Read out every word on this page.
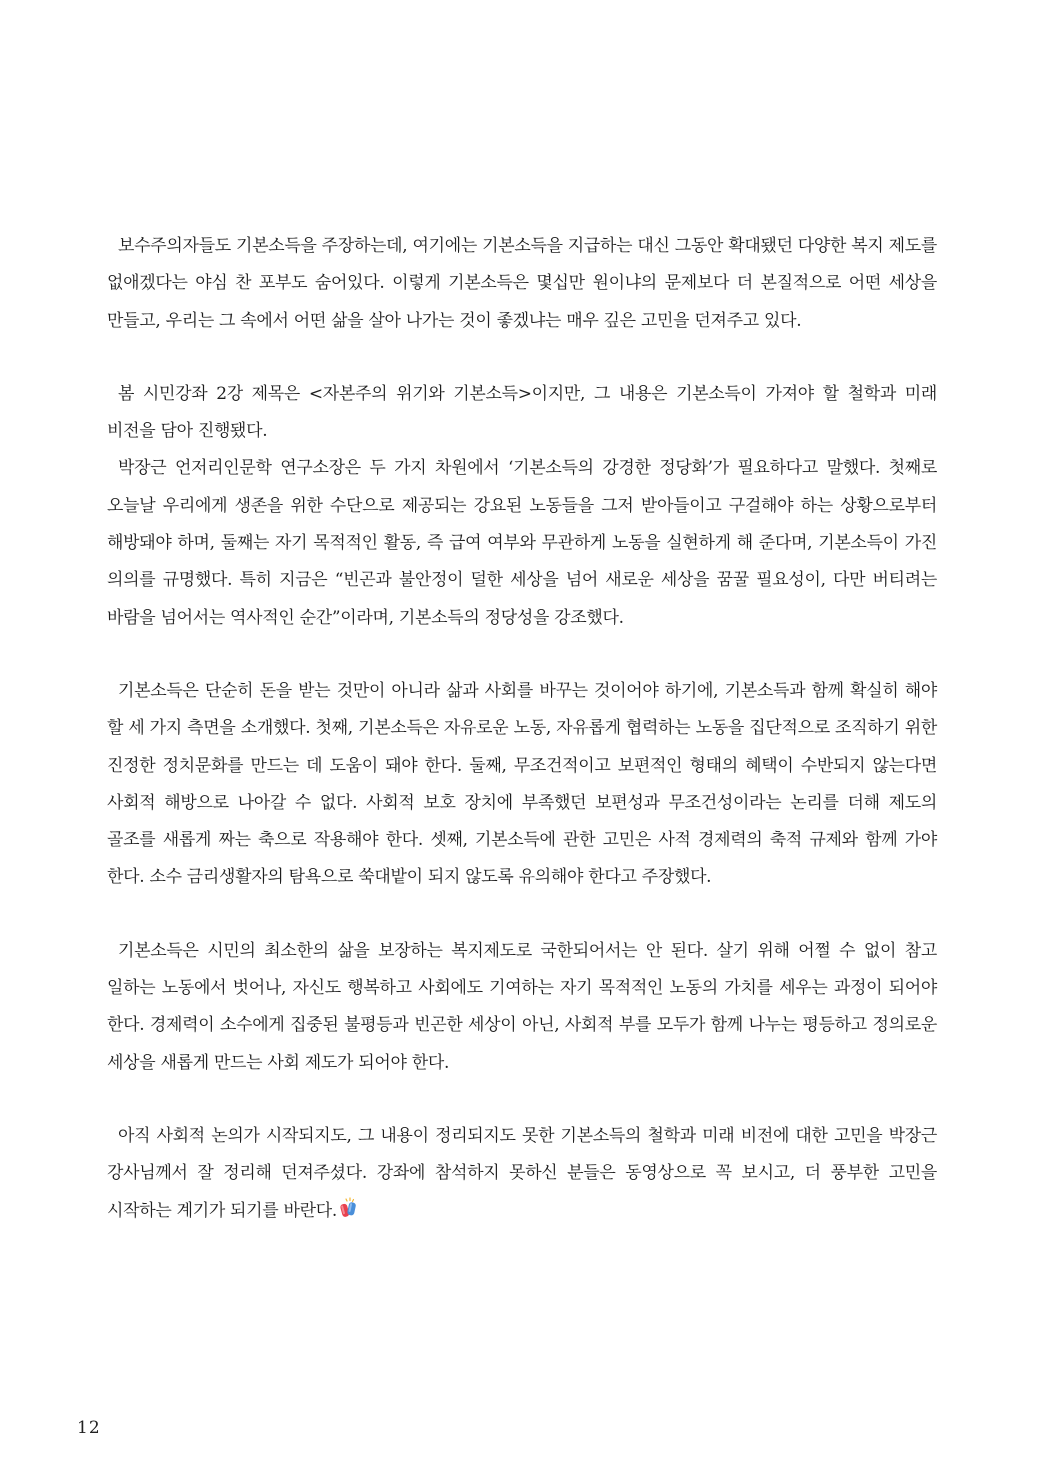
보수주의자들도 기본소득을 주장하는데, 여기에는 기본소득을 지급하는 대신 그동안 확대됐던 다양한 복지 제도를 없애겠다는 야심 찬 포부도 숨어있다. 이렇게 기본소득은 몇십만 원이냐의 문제보다 더 본질적으로 어떤 세상을 만들고, 우리는 그 속에서 어떤 삶을 살아 나가는 것이 좋겠냐는 매우 깊은 고민을 던져주고 있다.

봄 시민강좌 2강 제목은 <자본주의 위기와 기본소득>이지만, 그 내용은 기본소득이 가져야 할 철학과 미래 비전을 담아 진행됐다.

박장근 언저리인문학 연구소장은 두 가지 차원에서 ‘기본소득의 강경한 정당화’가 필요하다고 말했다. 첫째로 오늘날 우리에게 생존을 위한 수단으로 제공되는 강요된 노동들을 그저 받아들이고 구걸해야 하는 상황으로부터 해방돼야 하며, 둘째는 자기 목적적인 활동, 즉 급여 여부와 무관하게 노동을 실현하게 해 준다며, 기본소득이 가진 의의를 규명했다. 특히 지금은 “빈곤과 불안정이 덜한 세상을 넘어 새로운 세상을 꿈꿀 필요성이, 다만 버티려는 바람을 넘어서는 역사적인 순간”이라며, 기본소득의 정당성을 강조했다.

기본소득은 단순히 돈을 받는 것만이 아니라 삶과 사회를 바꾸는 것이어야 하기에, 기본소득과 함께 확실히 해야 할 세 가지 측면을 소개했다. 첫째, 기본소득은 자유로운 노동, 자유롭게 협력하는 노동을 집단적으로 조직하기 위한 진정한 정치문화를 만드는 데 도움이 돼야 한다. 둘째, 무조건적이고 보편적인 형태의 혜택이 수반되지 않는다면 사회적 해방으로 나아갈 수 없다. 사회적 보호 장치에 부족했던 보편성과 무조건성이라는 논리를 더해 제도의 골조를 새롭게 짜는 축으로 작용해야 한다. 셋째, 기본소득에 관한 고민은 사적 경제력의 축적 규제와 함께 가야 한다. 소수 금리생활자의 탐욕으로 쑥대밭이 되지 않도록 유의해야 한다고 주장했다.

기본소득은 시민의 최소한의 삶을 보장하는 복지제도로 국한되어서는 안 된다. 살기 위해 어쩔 수 없이 참고 일하는 노동에서 벗어나, 자신도 행복하고 사회에도 기여하는 자기 목적적인 노동의 가치를 세우는 과정이 되어야 한다. 경제력이 소수에게 집중된 불평등과 빈곤한 세상이 아닌, 사회적 부를 모두가 함께 나누는 평등하고 정의로운 세상을 새롭게 만드는 사회 제도가 되어야 한다.

아직 사회적 논의가 시작되지도, 그 내용이 정리되지도 못한 기본소득의 철학과 미래 비전에 대한 고민을 박장근 강사님께서 잘 정리해 던져주셨다. 강좌에 참석하지 못하신 분들은 동영상으로 꼭 보시고, 더 풍부한 고민을 시작하는 계기가 되기를 바란다.

12
